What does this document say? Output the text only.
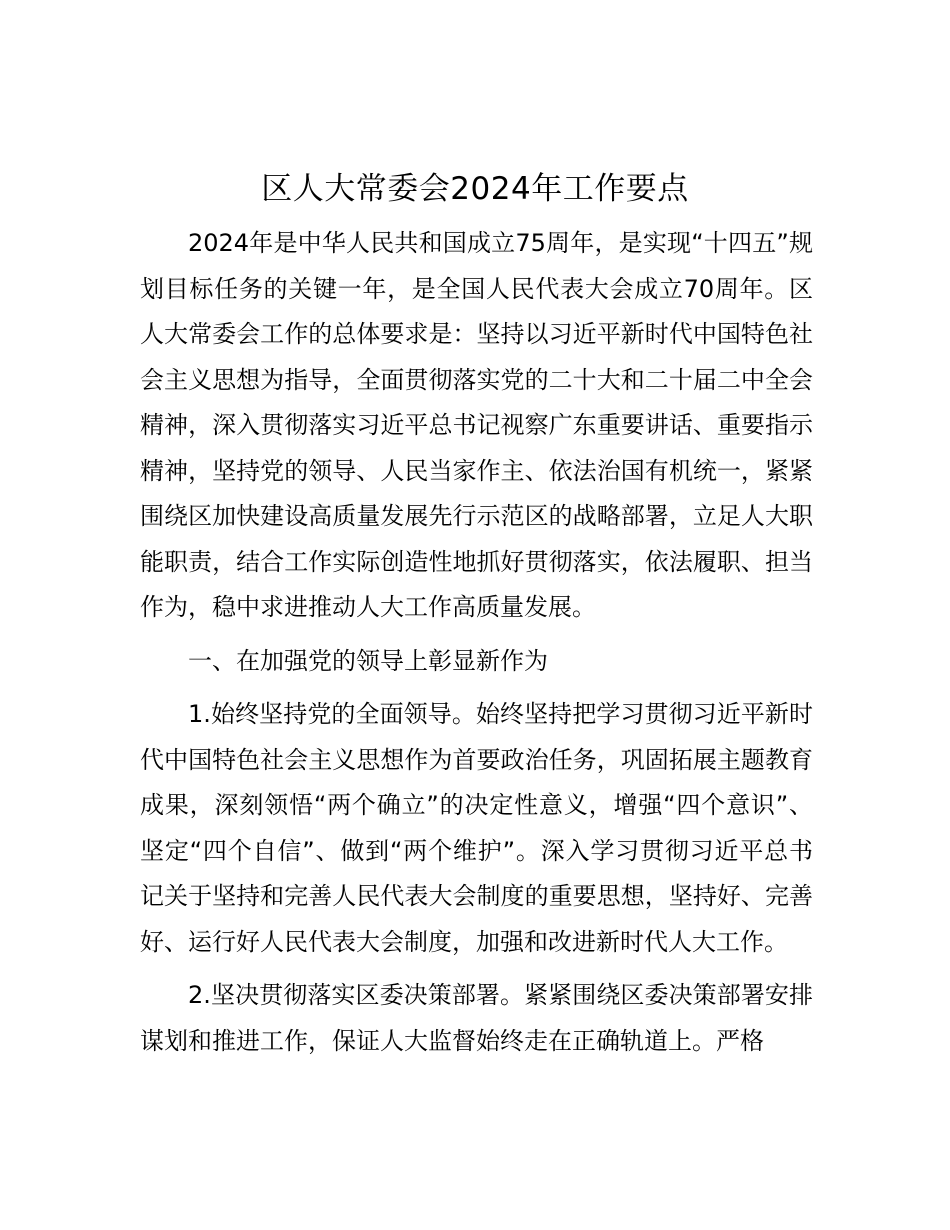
区人大常委会2024年工作要点

2024年是中华人民共和国成立75周年，是实现“十四五”规划目标任务的关键一年，是全国人民代表大会成立70周年。区人大常委会工作的总体要求是：坚持以习近平新时代中国特色社会主义思想为指导，全面贯彻落实党的二十大和二十届二中全会精神，深入贯彻落实习近平总书记视察广东重要讲话、重要指示精神，坚持党的领导、人民当家作主、依法治国有机统一，紧紧围绕区加快建设高质量发展先行示范区的战略部署，立足人大职能职责，结合工作实际创造性地抓好贯彻落实，依法履职、担当作为，稳中求进推动人大工作高质量发展。

一、在加强党的领导上彰显新作为

1.始终坚持党的全面领导。始终坚持把学习贯彻习近平新时代中国特色社会主义思想作为首要政治任务，巩固拓展主题教育成果，深刻领悟“两个确立”的决定性意义，增强“四个意识”、坚定“四个自信”、做到“两个维护”。深入学习贯彻习近平总书记关于坚持和完善人民代表大会制度的重要思想，坚持好、完善好、运行好人民代表大会制度，加强和改进新时代人大工作。

2.坚决贯彻落实区委决策部署。紧紧围绕区委决策部署安排谋划和推进工作，保证人大监督始终走在正确轨道上。严格
